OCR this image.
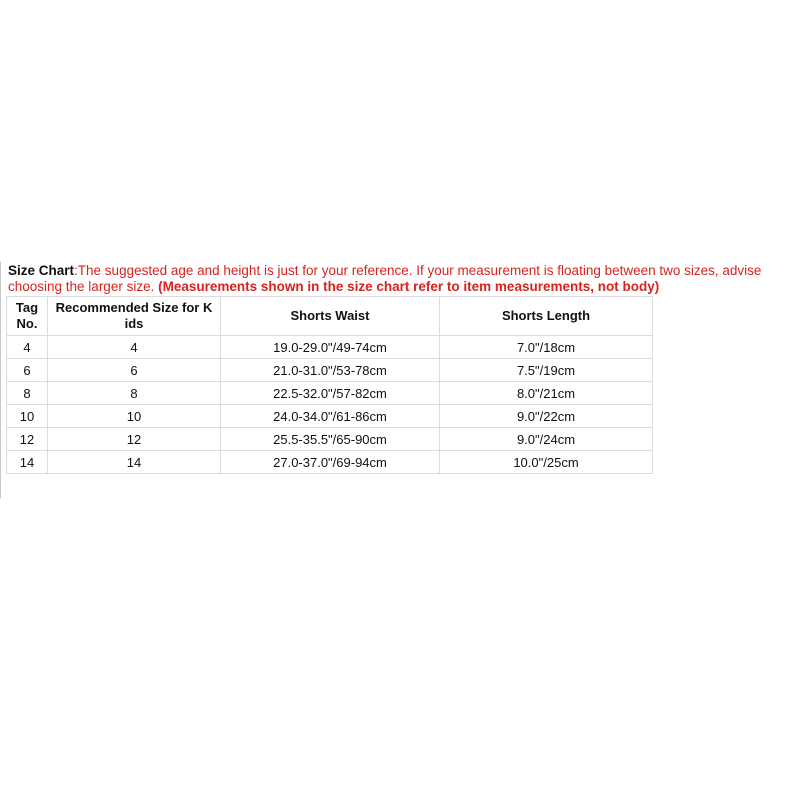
Size Chart:The suggested age and height is just for your reference. If your measurement is floating between two sizes, advise choosing the larger size. (Measurements shown in the size chart refer to item measurements, not body)
Tag No.	Recommended Size for K ids	Shorts Waist	Shorts Length
4	4	19.0-29.0"/49-74cm	7.0"/18cm
6	6	21.0-31.0"/53-78cm	7.5"/19cm
8	8	22.5-32.0"/57-82cm	8.0"/21cm
10	10	24.0-34.0"/61-86cm	9.0"/22cm
12	12	25.5-35.5"/65-90cm	9.0"/24cm
14	14	27.0-37.0"/69-94cm	10.0"/25cm
